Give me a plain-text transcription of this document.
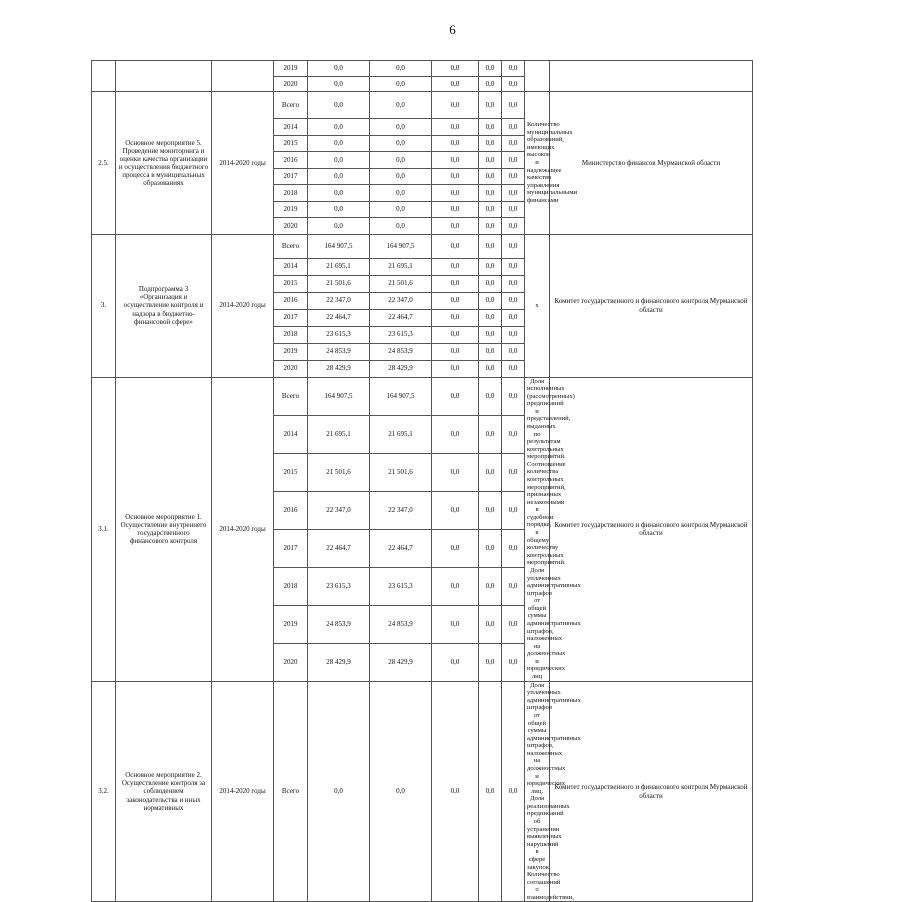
6
			2019	0,0	0,0	0,0	0,0	0,0		
			2020	0,0	0,0	0,0	0,0	0,0		
2.5.	Основное мероприятие 5. Проведение мониторинга и оценки качества организации и осуществления бюджетного процесса в муниципальных образованиях	2014-2020 годы	Всего	0,0	0,0	0,0	0,0	0,0	Количество муниципальных образований, имеющих высокое и надлежащее качество управления муниципальными финансами	Министерство финансов Мурманской области
			2014	0,0	0,0	0,0	0,0	0,0		
			2015	0,0	0,0	0,0	0,0	0,0		
			2016	0,0	0,0	0,0	0,0	0,0		
			2017	0,0	0,0	0,0	0,0	0,0		
			2018	0,0	0,0	0,0	0,0	0,0		
			2019	0,0	0,0	0,0	0,0	0,0		
			2020	0,0	0,0	0,0	0,0	0,0		
3.	Подпрограмма 3 «Организация и осуществление контроля и надзора в бюджетно-финансовой сфере»	2014-2020 годы	Всего	164 907,5	164 907,5	0,0	0,0	0,0	х	Комитет государственного и финансового контроля Мурманской области
			2014	21 695,1	21 695,1	0,0	0,0	0,0		
			2015	21 501,6	21 501,6	0,0	0,0	0,0		
			2016	22 347,0	22 347,0	0,0	0,0	0,0		
			2017	22 464,7	22 464,7	0,0	0,0	0,0		
			2018	23 615,3	23 615,3	0,0	0,0	0,0		
			2019	24 853,9	24 853,9	0,0	0,0	0,0		
			2020	28 429,9	28 429,9	0,0	0,0	0,0		
3.1.	Основное мероприятие 1. Осуществление внутреннего государственного финансового контроля	2014-2020 годы	Всего	164 907,5	164 907,5	0,0	0,0	0,0	Доля исполненных (рассмотренных) предписаний и представлений, выданных по результатам контрольных мероприятий. Соотношение количества контрольных мероприятий, признанных незаконными в судебном порядке, к общему количеству контрольных мероприятий. Доля уплаченных административных штрафов от общей суммы административных штрафов, наложенных на должностных и юридических лиц	Комитет государственного и финансового контроля Мурманской области
			2014	21 695,1	21 695,1	0,0	0,0	0,0		
			2015	21 501,6	21 501,6	0,0	0,0	0,0		
			2016	22 347,0	22 347,0	0,0	0,0	0,0		
			2017	22 464,7	22 464,7	0,0	0,0	0,0		
			2018	23 615,3	23 615,3	0,0	0,0	0,0		
			2019	24 853,9	24 853,9	0,0	0,0	0,0		
			2020	28 429,9	28 429,9	0,0	0,0	0,0		
3.2.	Основное мероприятие 2. Осуществление контроля за соблюдением законодательства и иных нормативных	2014-2020 годы	Всего	0,0	0,0	0,0	0,0	0,0	Доля уплаченных административных штрафов от общей суммы административных штрафов, наложенных на должностных и юридических лиц. Доля реализованных предписаний об устранении выявленных нарушений в сфере закупок. Количество соглашений о взаимодействии,	Комитет государственного и финансового контроля Мурманской области
